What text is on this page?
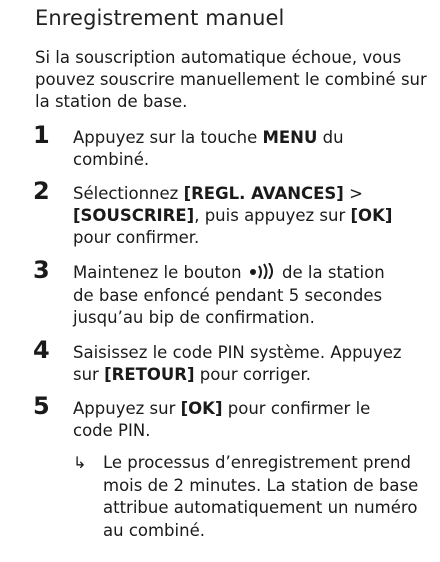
Enregistrement manuel
Si la souscription automatique échoue, vous pouvez souscrire manuellement le combiné sur la station de base.
1 Appuyez sur la touche MENU du combiné.
2 Sélectionnez [REGL. AVANCES] > [SOUSCRIRE], puis appuyez sur [OK] pour confirmer.
3 Maintenez le bouton  de la station de base enfoncé pendant 5 secondes jusqu’au bip de confirmation.
4 Saisissez le code PIN système. Appuyez sur [RETOUR] pour corriger.
5 Appuyez sur [OK] pour confirmer le code PIN.
↳ Le processus d’enregistrement prend mois de 2 minutes. La station de base attribue automatiquement un numéro au combiné.
